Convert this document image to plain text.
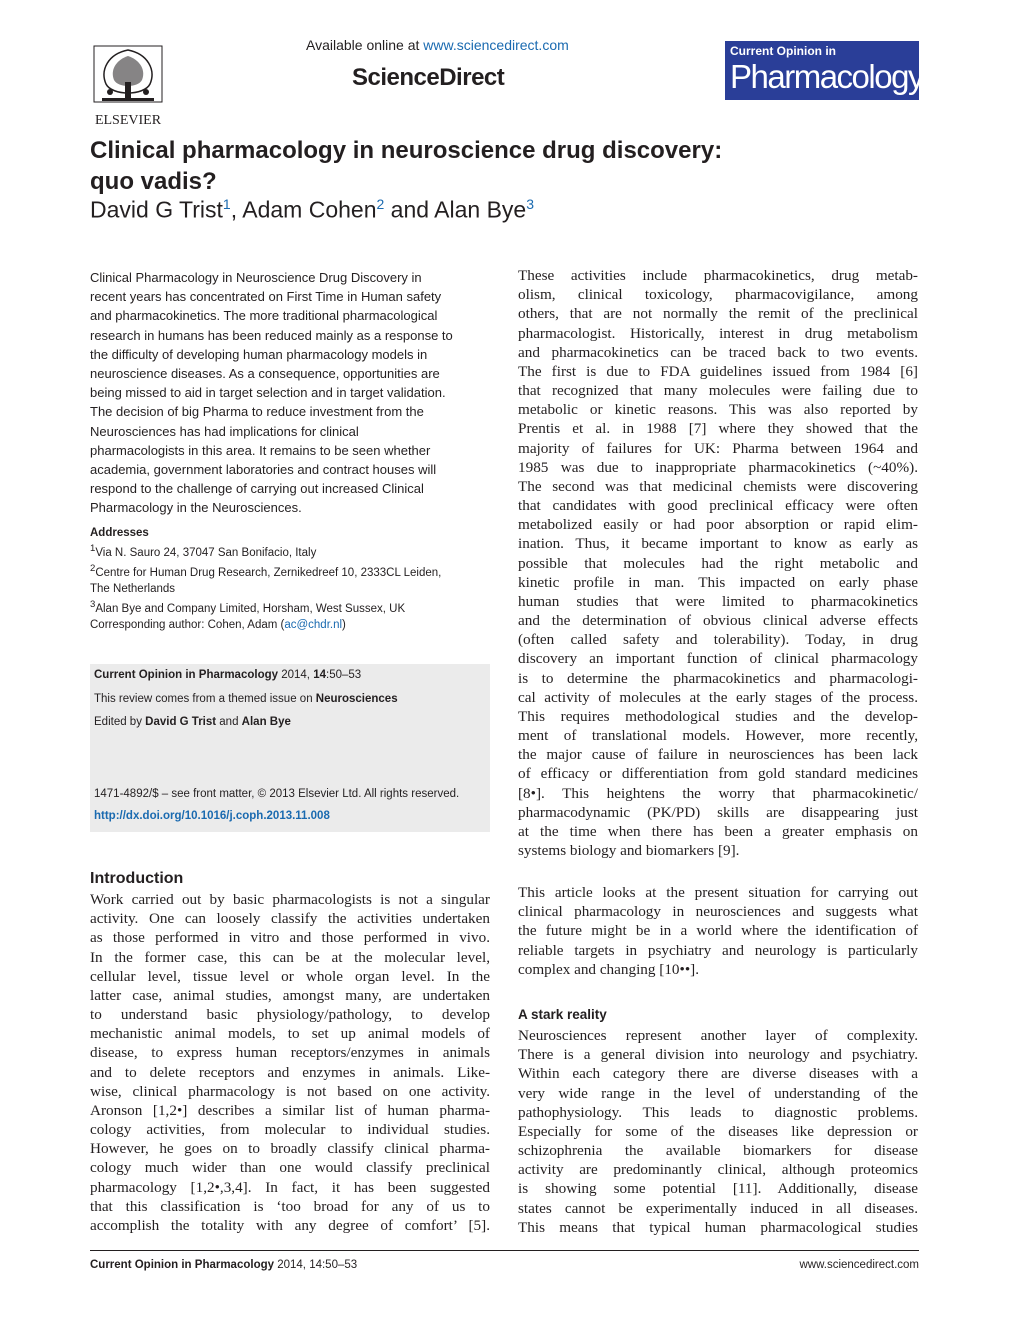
ELSEVIER
Available online at www.sciencedirect.com
ScienceDirect
Current Opinion in
Pharmacology
Clinical pharmacology in neuroscience drug discovery:
quo vadis?
David G Trist$^1$, Adam Cohen$^2$ and Alan Bye$^3$
Clinical Pharmacology in Neuroscience Drug Discovery in
recent years has concentrated on First Time in Human safety
and pharmacokinetics. The more traditional pharmacological
research in humans has been reduced mainly as a response to
the difficulty of developing human pharmacology models in
neuroscience diseases. As a consequence, opportunities are
being missed to aid in target selection and in target validation.
The decision of big Pharma to reduce investment from the
Neurosciences has had implications for clinical
pharmacologists in this area. It remains to be seen whether
academia, government laboratories and contract houses will
respond to the challenge of carrying out increased Clinical
Pharmacology in the Neurosciences.
Addresses
$^1$Via N. Sauro 24, 37047 San Bonifacio, Italy
$^2$Centre for Human Drug Research, Zernikedreef 10, 2333CL Leiden,
The Netherlands
$^3$Alan Bye and Company Limited, Horsham, West Sussex, UK
Corresponding author: Cohen, Adam (ac@chdr.nl)
Current Opinion in Pharmacology 2014, 14:50–53
This review comes from a themed issue on Neurosciences
Edited by David G Trist and Alan Bye
1471-4892/$ – see front matter, © 2013 Elsevier Ltd. All rights reserved.
http://dx.doi.org/10.1016/j.coph.2013.11.008
Introduction
Work carried out by basic pharmacologists is not a singular
activity. One can loosely classify the activities undertaken
as those performed in vitro and those performed in vivo.
In the former case, this can be at the molecular level,
cellular level, tissue level or whole organ level. In the
latter case, animal studies, amongst many, are undertaken
to understand basic physiology/pathology, to develop
mechanistic animal models, to set up animal models of
disease, to express human receptors/enzymes in animals
and to delete receptors and enzymes in animals. Like-
wise, clinical pharmacology is not based on one activity.
Aronson [1,2•] describes a similar list of human pharma-
cology activities, from molecular to individual studies.
However, he goes on to broadly classify clinical pharma-
cology much wider than one would classify preclinical
pharmacology [1,2•,3,4]. In fact, it has been suggested
that this classification is ‘too broad for any of us to
accomplish the totality with any degree of comfort’ [5].
These activities include pharmacokinetics, drug metab-
olism, clinical toxicology, pharmacovigilance, among
others, that are not normally the remit of the preclinical
pharmacologist. Historically, interest in drug metabolism
and pharmacokinetics can be traced back to two events.
The first is due to FDA guidelines issued from 1984 [6]
that recognized that many molecules were failing due to
metabolic or kinetic reasons. This was also reported by
Prentis et al. in 1988 [7] where they showed that the
majority of failures for UK: Pharma between 1964 and
1985 was due to inappropriate pharmacokinetics (~40%).
The second was that medicinal chemists were discovering
that candidates with good preclinical efficacy were often
metabolized easily or had poor absorption or rapid elim-
ination. Thus, it became important to know as early as
possible that molecules had the right metabolic and
kinetic profile in man. This impacted on early phase
human studies that were limited to pharmacokinetics
and the determination of obvious clinical adverse effects
(often called safety and tolerability). Today, in drug
discovery an important function of clinical pharmacology
is to determine the pharmacokinetics and pharmacologi-
cal activity of molecules at the early stages of the process.
This requires methodological studies and the develop-
ment of translational models. However, more recently,
the major cause of failure in neurosciences has been lack
of efficacy or differentiation from gold standard medicines
[8•]. This heightens the worry that pharmacokinetic/
pharmacodynamic (PK/PD) skills are disappearing just
at the time when there has been a greater emphasis on
systems biology and biomarkers [9].
This article looks at the present situation for carrying out
clinical pharmacology in neurosciences and suggests what
the future might be in a world where the identification of
reliable targets in psychiatry and neurology is particularly
complex and changing [10••].
A stark reality
Neurosciences represent another layer of complexity.
There is a general division into neurology and psychiatry.
Within each category there are diverse diseases with a
very wide range in the level of understanding of the
pathophysiology. This leads to diagnostic problems.
Especially for some of the diseases like depression or
schizophrenia the available biomarkers for disease
activity are predominantly clinical, although proteomics
is showing some potential [11]. Additionally, disease
states cannot be experimentally induced in all diseases.
This means that typical human pharmacological studies
Current Opinion in Pharmacology 2014, 14:50–53	www.sciencedirect.com
